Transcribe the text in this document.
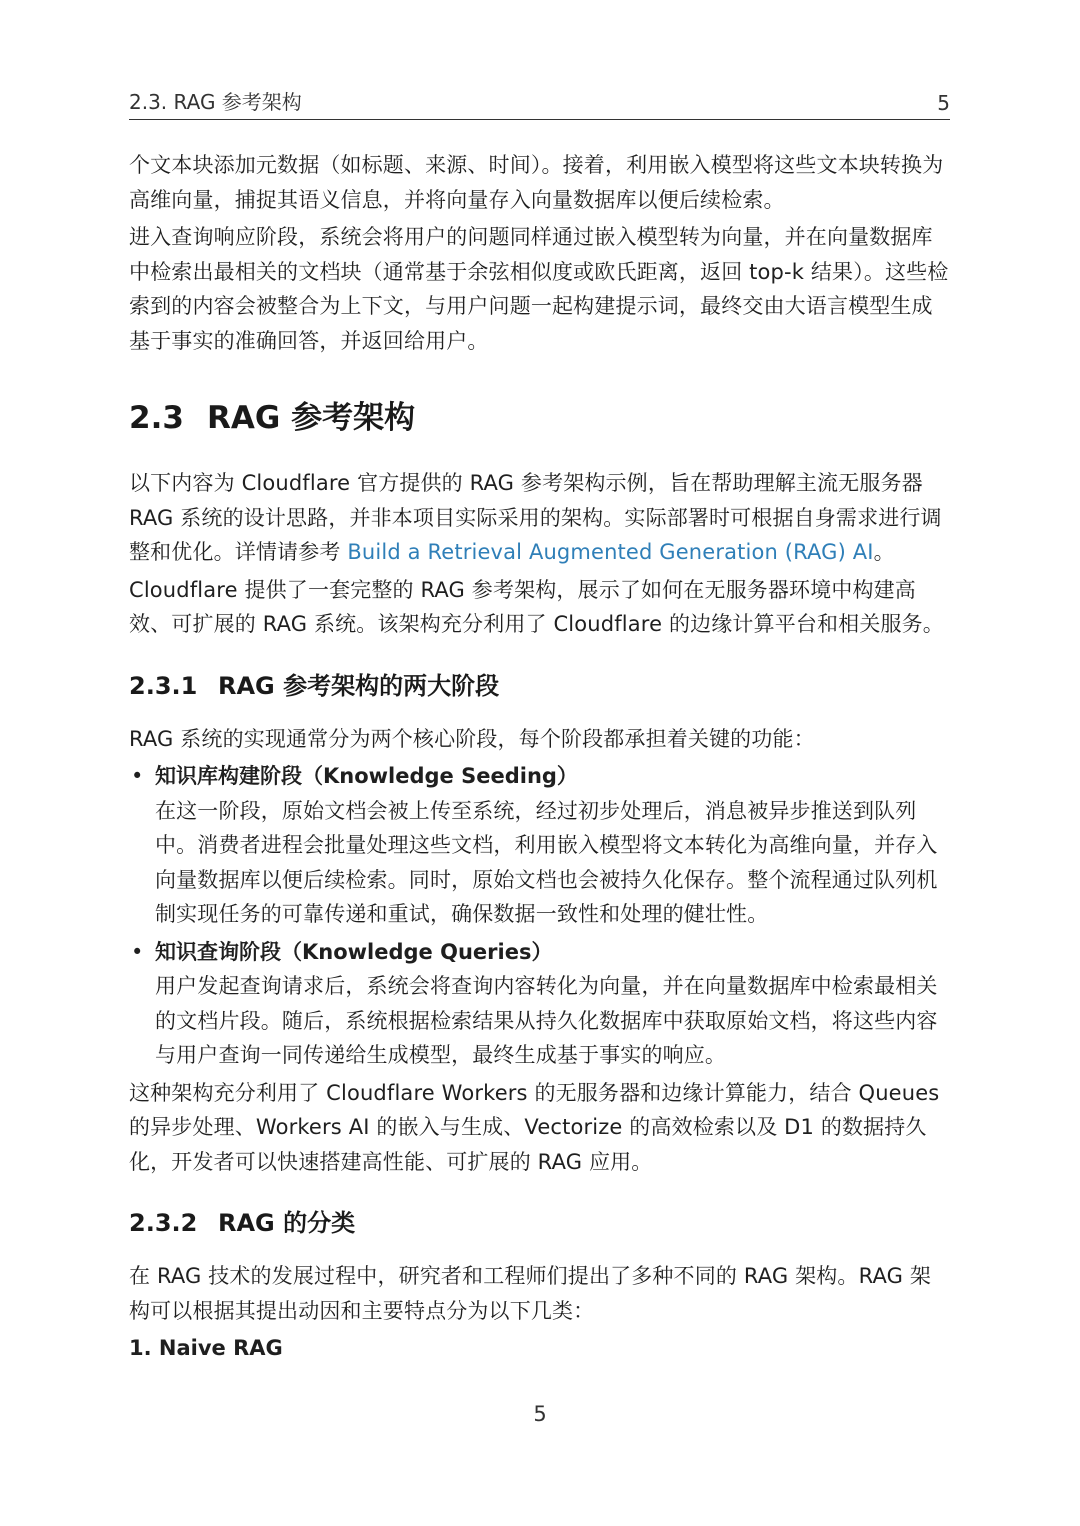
2.3. RAG 参考架构	5

个文本块添加元数据（如标题、来源、时间）。接着，利用嵌入模型将这些文本块转换为高维向量，捕捉其语义信息，并将向量存入向量数据库以便后续检索。

进入查询响应阶段，系统会将用户的问题同样通过嵌入模型转为向量，并在向量数据库中检索出最相关的文档块（通常基于余弦相似度或欧氏距离，返回 top-k 结果）。这些检索到的内容会被整合为上下文，与用户问题一起构建提示词，最终交由大语言模型生成基于事实的准确回答，并返回给用户。

2.3 RAG 参考架构

以下内容为 Cloudflare 官方提供的 RAG 参考架构示例，旨在帮助理解主流无服务器 RAG 系统的设计思路，并非本项目实际采用的架构。实际部署时可根据自身需求进行调整和优化。详情请参考 Build a Retrieval Augmented Generation (RAG) AI。

Cloudflare 提供了一套完整的 RAG 参考架构，展示了如何在无服务器环境中构建高效、可扩展的 RAG 系统。该架构充分利用了 Cloudflare 的边缘计算平台和相关服务。

2.3.1 RAG 参考架构的两大阶段

RAG 系统的实现通常分为两个核心阶段，每个阶段都承担着关键的功能：

• 知识库构建阶段（Knowledge Seeding）

在这一阶段，原始文档会被上传至系统，经过初步处理后，消息被异步推送到队列中。消费者进程会批量处理这些文档，利用嵌入模型将文本转化为高维向量，并存入向量数据库以便后续检索。同时，原始文档也会被持久化保存。整个流程通过队列机制实现任务的可靠传递和重试，确保数据一致性和处理的健壮性。

• 知识查询阶段（Knowledge Queries）

用户发起查询请求后，系统会将查询内容转化为向量，并在向量数据库中检索最相关的文档片段。随后，系统根据检索结果从持久化数据库中获取原始文档，将这些内容与用户查询一同传递给生成模型，最终生成基于事实的响应。

这种架构充分利用了 Cloudflare Workers 的无服务器和边缘计算能力，结合 Queues 的异步处理、Workers AI 的嵌入与生成、Vectorize 的高效检索以及 D1 的数据持久化，开发者可以快速搭建高性能、可扩展的 RAG 应用。

2.3.2 RAG 的分类

在 RAG 技术的发展过程中，研究者和工程师们提出了多种不同的 RAG 架构。RAG 架构可以根据其提出动因和主要特点分为以下几类：

1. Naive RAG
5
